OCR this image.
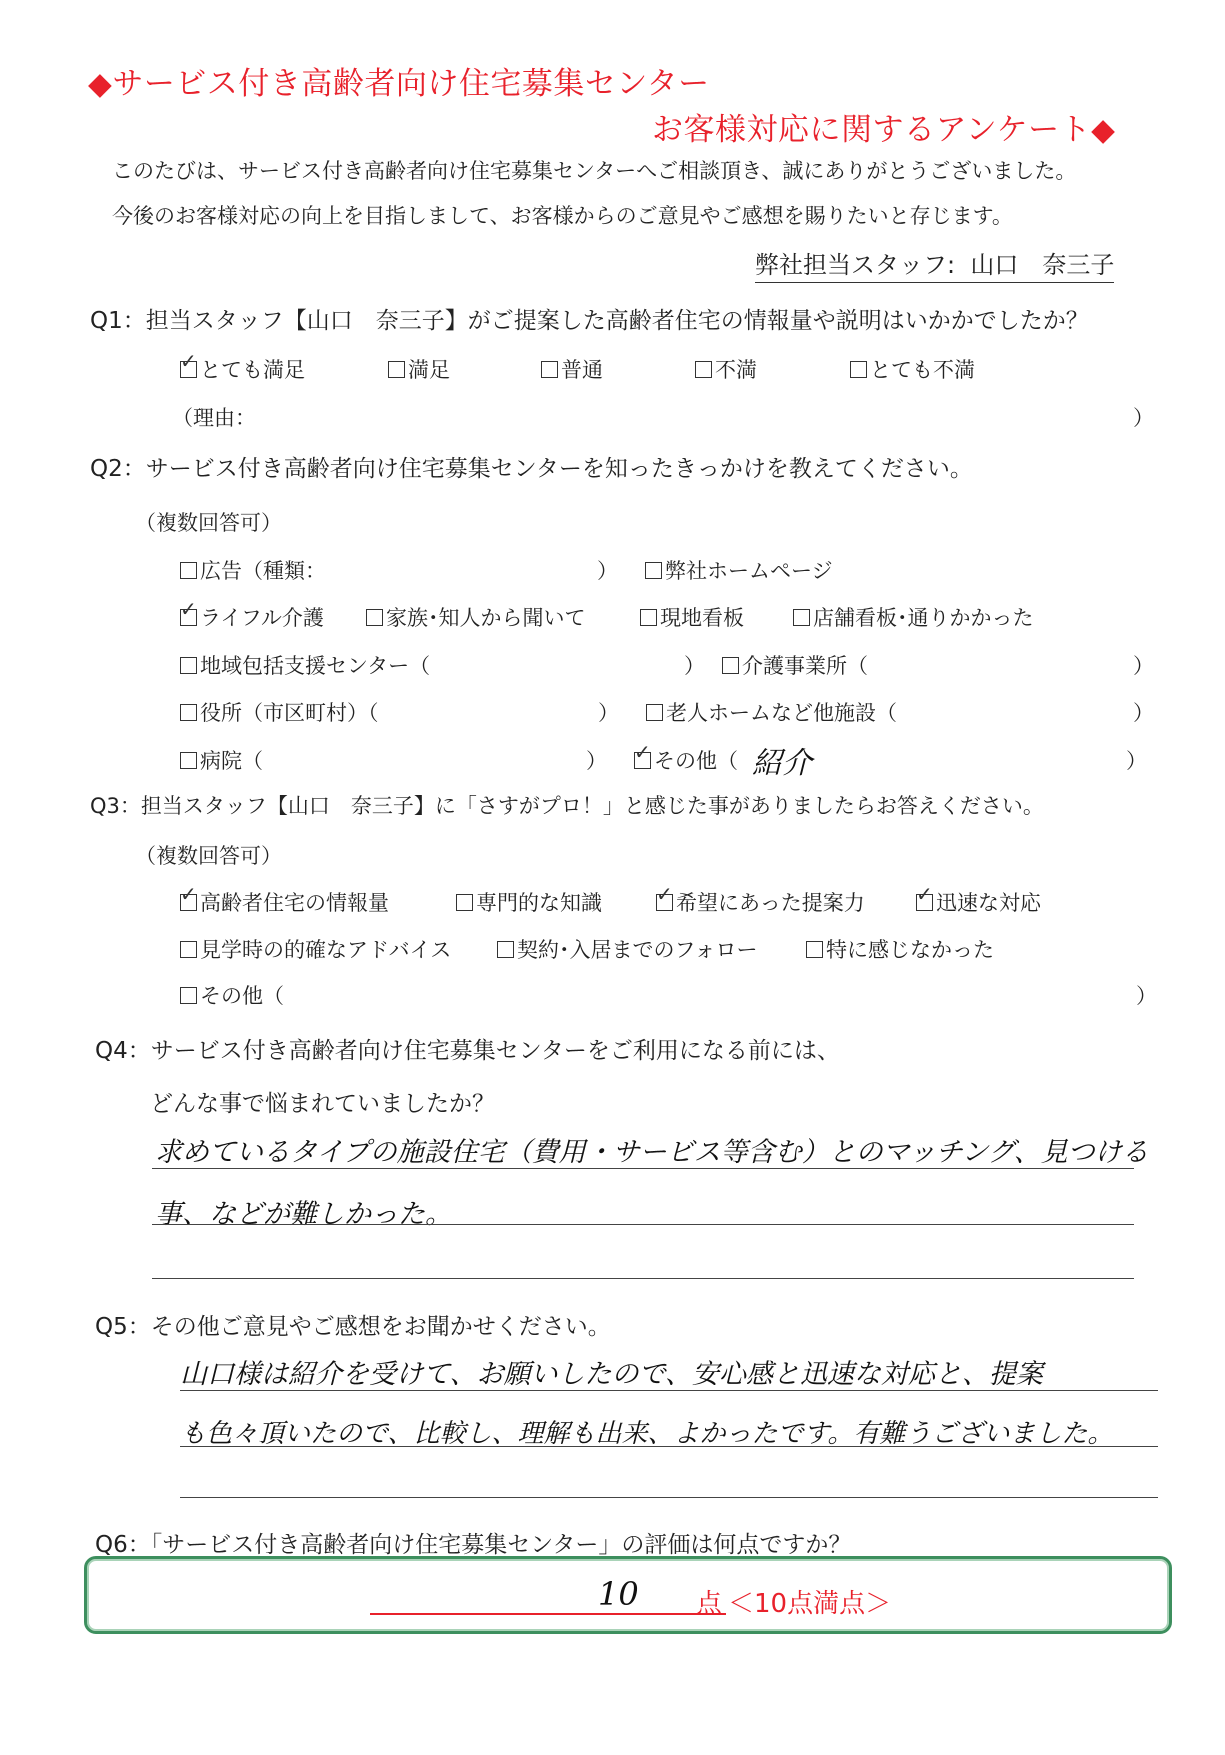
◆サービス付き高齢者向け住宅募集センター
お客様対応に関するアンケート◆
このたびは、サービス付き高齢者向け住宅募集センターへご相談頂き、誠にありがとうございました。
今後のお客様対応の向上を目指しまして、お客様からのご意見やご感想を賜りたいと存じます。
弊社担当スタッフ: 山口　奈三子
Q1：担当スタッフ【山口　奈三子】がご提案した高齢者住宅の情報量や説明はいかかでしたか？
✓とても満足	満足	普通	不満	とても不満
（理由：	）
Q2：サービス付き高齢者向け住宅募集センターを知ったきっかけを教えてください。
（複数回答可）
広告（種類：	）	弊社ホームページ
✓ライフル介護	家族･知人から聞いて	現地看板	店舗看板･通りかかった
地域包括支援センター（	）	介護事業所（	）
役所（市区町村）（	）	老人ホームなど他施設（	）
病院（	） ✓	その他（ 紹介	）
Q3：担当スタッフ【山口　奈三子】に「さすがプロ！」と感じた事がありましたらお答えください。
（複数回答可）
✓高齢者住宅の情報量	専門的な知識 ✓	希望にあった提案力 ✓	迅速な対応
見学時の的確なアドバイス	契約･入居までのフォロー	特に感じなかった
その他（	）
Q4：サービス付き高齢者向け住宅募集センターをご利用になる前には、
どんな事で悩まれていましたか？
求めているタイプの施設住宅（費用・サービス等含む）とのマッチング、見つける
事、などが難しかった。
Q5：その他ご意見やご感想をお聞かせください。
山口様は紹介を受けて、お願いしたので、安心感と迅速な対応と、提案
も色々頂いたので、比較し、理解も出来、よかったです。有難うございました。
Q6：「サービス付き高齢者向け住宅募集センター」の評価は何点ですか？
10 点 ＜10点満点＞
